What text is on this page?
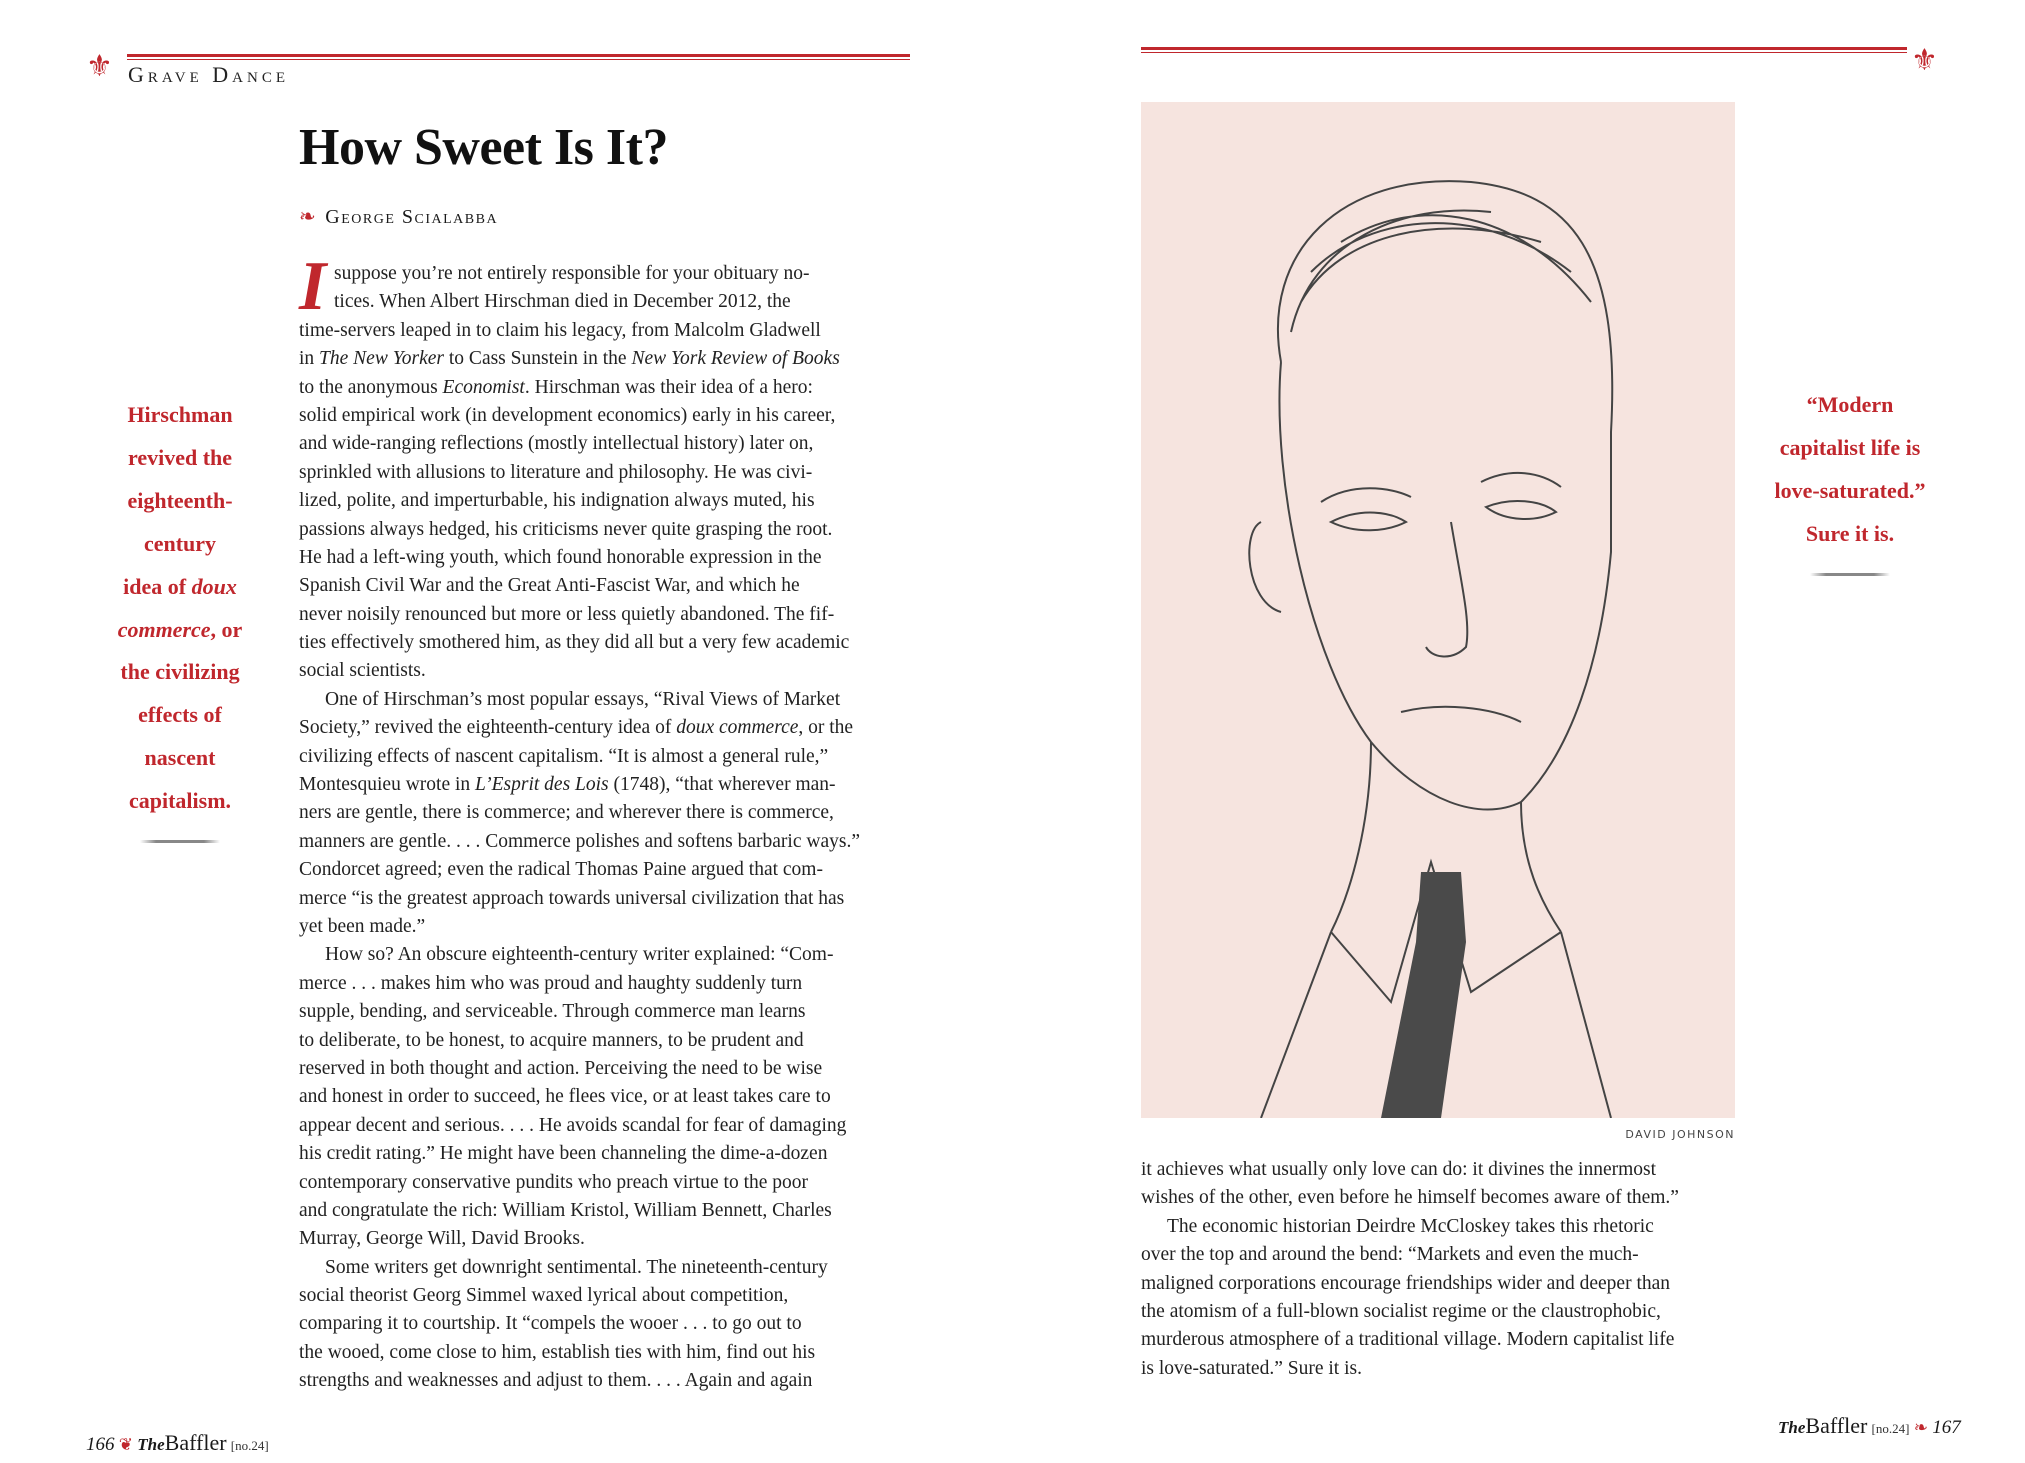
⚜ Grave Dance
How Sweet Is It?
❧ George Scialabba
I suppose you’re not entirely responsible for your obituary no-
tices. When Albert Hirschman died in December 2012, the
time-servers leaped in to claim his legacy, from Malcolm Gladwell
in The New Yorker to Cass Sunstein in the New York Review of Books
to the anonymous Economist. Hirschman was their idea of a hero:
solid empirical work (in development economics) early in his career,
and wide-ranging reflections (mostly intellectual history) later on,
sprinkled with allusions to literature and philosophy. He was civi-
lized, polite, and imperturbable, his indignation always muted, his
passions always hedged, his criticisms never quite grasping the root.
He had a left-wing youth, which found honorable expression in the
Spanish Civil War and the Great Anti-Fascist War, and which he
never noisily renounced but more or less quietly abandoned. The fif-
ties effectively smothered him, as they did all but a very few academic
social scientists.
One of Hirschman’s most popular essays, “Rival Views of Market
Society,” revived the eighteenth-century idea of doux commerce, or the
civilizing effects of nascent capitalism. “It is almost a general rule,”
Montesquieu wrote in L’Esprit des Lois (1748), “that wherever man-
ners are gentle, there is commerce; and wherever there is commerce,
manners are gentle. . . . Commerce polishes and softens barbaric ways.”
Condorcet agreed; even the radical Thomas Paine argued that com-
merce “is the greatest approach towards universal civilization that has
yet been made.”
How so? An obscure eighteenth-century writer explained: “Com-
merce . . . makes him who was proud and haughty suddenly turn
supple, bending, and serviceable. Through commerce man learns
to deliberate, to be honest, to acquire manners, to be prudent and
reserved in both thought and action. Perceiving the need to be wise
and honest in order to succeed, he flees vice, or at least takes care to
appear decent and serious. . . . He avoids scandal for fear of damaging
his credit rating.” He might have been channeling the dime-a-dozen
contemporary conservative pundits who preach virtue to the poor
and congratulate the rich: William Kristol, William Bennett, Charles
Murray, George Will, David Brooks.
Some writers get downright sentimental. The nineteenth-century
social theorist Georg Simmel waxed lyrical about competition,
comparing it to courtship. It “compels the wooer . . . to go out to
the wooed, come close to him, establish ties with him, find out his
strengths and weaknesses and adjust to them. . . . Again and again
Hirschman
revived the
eighteenth-
century
idea of doux
commerce, or
the civilizing
effects of
nascent
capitalism.
166 ❦ TheBaffler [no.24]
⚜
DAVID JOHNSON
it achieves what usually only love can do: it divines the innermost
wishes of the other, even before he himself becomes aware of them.”
The economic historian Deirdre McCloskey takes this rhetoric
over the top and around the bend: “Markets and even the much-
maligned corporations encourage friendships wider and deeper than
the atomism of a full-blown socialist regime or the claustrophobic,
murderous atmosphere of a traditional village. Modern capitalist life
is love-saturated.” Sure it is.
“Modern
capitalist life is
love-saturated.”
Sure it is.
TheBaffler [no.24] ❧ 167
